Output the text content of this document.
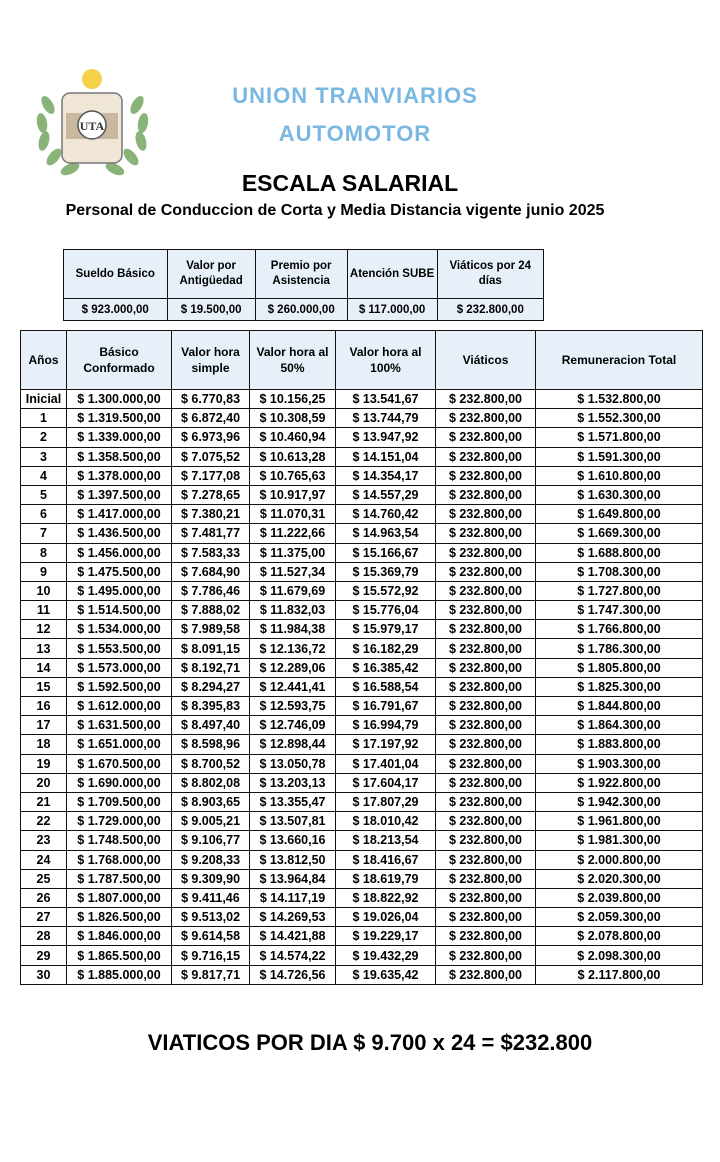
UTA
UNION TRANVIARIOS
AUTOMOTOR
ESCALA SALARIAL
Personal de Conduccion de Corta y Media Distancia vigente junio 2025
Sueldo Básico	Valor por Antigüedad	Premio por Asistencia	Atención SUBE	Viáticos por 24 días
$ 923.000,00	$ 19.500,00	$ 260.000,00	$ 117.000,00	$ 232.800,00
Años	Básico Conformado	Valor hora simple	Valor hora al 50%	Valor hora al 100%	Viáticos	Remuneracion Total
Inicial	$ 1.300.000,00	$ 6.770,83	$ 10.156,25	$ 13.541,67	$ 232.800,00	$ 1.532.800,00
1	$ 1.319.500,00	$ 6.872,40	$ 10.308,59	$ 13.744,79	$ 232.800,00	$ 1.552.300,00
2	$ 1.339.000,00	$ 6.973,96	$ 10.460,94	$ 13.947,92	$ 232.800,00	$ 1.571.800,00
3	$ 1.358.500,00	$ 7.075,52	$ 10.613,28	$ 14.151,04	$ 232.800,00	$ 1.591.300,00
4	$ 1.378.000,00	$ 7.177,08	$ 10.765,63	$ 14.354,17	$ 232.800,00	$ 1.610.800,00
5	$ 1.397.500,00	$ 7.278,65	$ 10.917,97	$ 14.557,29	$ 232.800,00	$ 1.630.300,00
6	$ 1.417.000,00	$ 7.380,21	$ 11.070,31	$ 14.760,42	$ 232.800,00	$ 1.649.800,00
7	$ 1.436.500,00	$ 7.481,77	$ 11.222,66	$ 14.963,54	$ 232.800,00	$ 1.669.300,00
8	$ 1.456.000,00	$ 7.583,33	$ 11.375,00	$ 15.166,67	$ 232.800,00	$ 1.688.800,00
9	$ 1.475.500,00	$ 7.684,90	$ 11.527,34	$ 15.369,79	$ 232.800,00	$ 1.708.300,00
10	$ 1.495.000,00	$ 7.786,46	$ 11.679,69	$ 15.572,92	$ 232.800,00	$ 1.727.800,00
11	$ 1.514.500,00	$ 7.888,02	$ 11.832,03	$ 15.776,04	$ 232.800,00	$ 1.747.300,00
12	$ 1.534.000,00	$ 7.989,58	$ 11.984,38	$ 15.979,17	$ 232.800,00	$ 1.766.800,00
13	$ 1.553.500,00	$ 8.091,15	$ 12.136,72	$ 16.182,29	$ 232.800,00	$ 1.786.300,00
14	$ 1.573.000,00	$ 8.192,71	$ 12.289,06	$ 16.385,42	$ 232.800,00	$ 1.805.800,00
15	$ 1.592.500,00	$ 8.294,27	$ 12.441,41	$ 16.588,54	$ 232.800,00	$ 1.825.300,00
16	$ 1.612.000,00	$ 8.395,83	$ 12.593,75	$ 16.791,67	$ 232.800,00	$ 1.844.800,00
17	$ 1.631.500,00	$ 8.497,40	$ 12.746,09	$ 16.994,79	$ 232.800,00	$ 1.864.300,00
18	$ 1.651.000,00	$ 8.598,96	$ 12.898,44	$ 17.197,92	$ 232.800,00	$ 1.883.800,00
19	$ 1.670.500,00	$ 8.700,52	$ 13.050,78	$ 17.401,04	$ 232.800,00	$ 1.903.300,00
20	$ 1.690.000,00	$ 8.802,08	$ 13.203,13	$ 17.604,17	$ 232.800,00	$ 1.922.800,00
21	$ 1.709.500,00	$ 8.903,65	$ 13.355,47	$ 17.807,29	$ 232.800,00	$ 1.942.300,00
22	$ 1.729.000,00	$ 9.005,21	$ 13.507,81	$ 18.010,42	$ 232.800,00	$ 1.961.800,00
23	$ 1.748.500,00	$ 9.106,77	$ 13.660,16	$ 18.213,54	$ 232.800,00	$ 1.981.300,00
24	$ 1.768.000,00	$ 9.208,33	$ 13.812,50	$ 18.416,67	$ 232.800,00	$ 2.000.800,00
25	$ 1.787.500,00	$ 9.309,90	$ 13.964,84	$ 18.619,79	$ 232.800,00	$ 2.020.300,00
26	$ 1.807.000,00	$ 9.411,46	$ 14.117,19	$ 18.822,92	$ 232.800,00	$ 2.039.800,00
27	$ 1.826.500,00	$ 9.513,02	$ 14.269,53	$ 19.026,04	$ 232.800,00	$ 2.059.300,00
28	$ 1.846.000,00	$ 9.614,58	$ 14.421,88	$ 19.229,17	$ 232.800,00	$ 2.078.800,00
29	$ 1.865.500,00	$ 9.716,15	$ 14.574,22	$ 19.432,29	$ 232.800,00	$ 2.098.300,00
30	$ 1.885.000,00	$ 9.817,71	$ 14.726,56	$ 19.635,42	$ 232.800,00	$ 2.117.800,00
VIATICOS POR DIA $ 9.700 x 24 = $232.800
